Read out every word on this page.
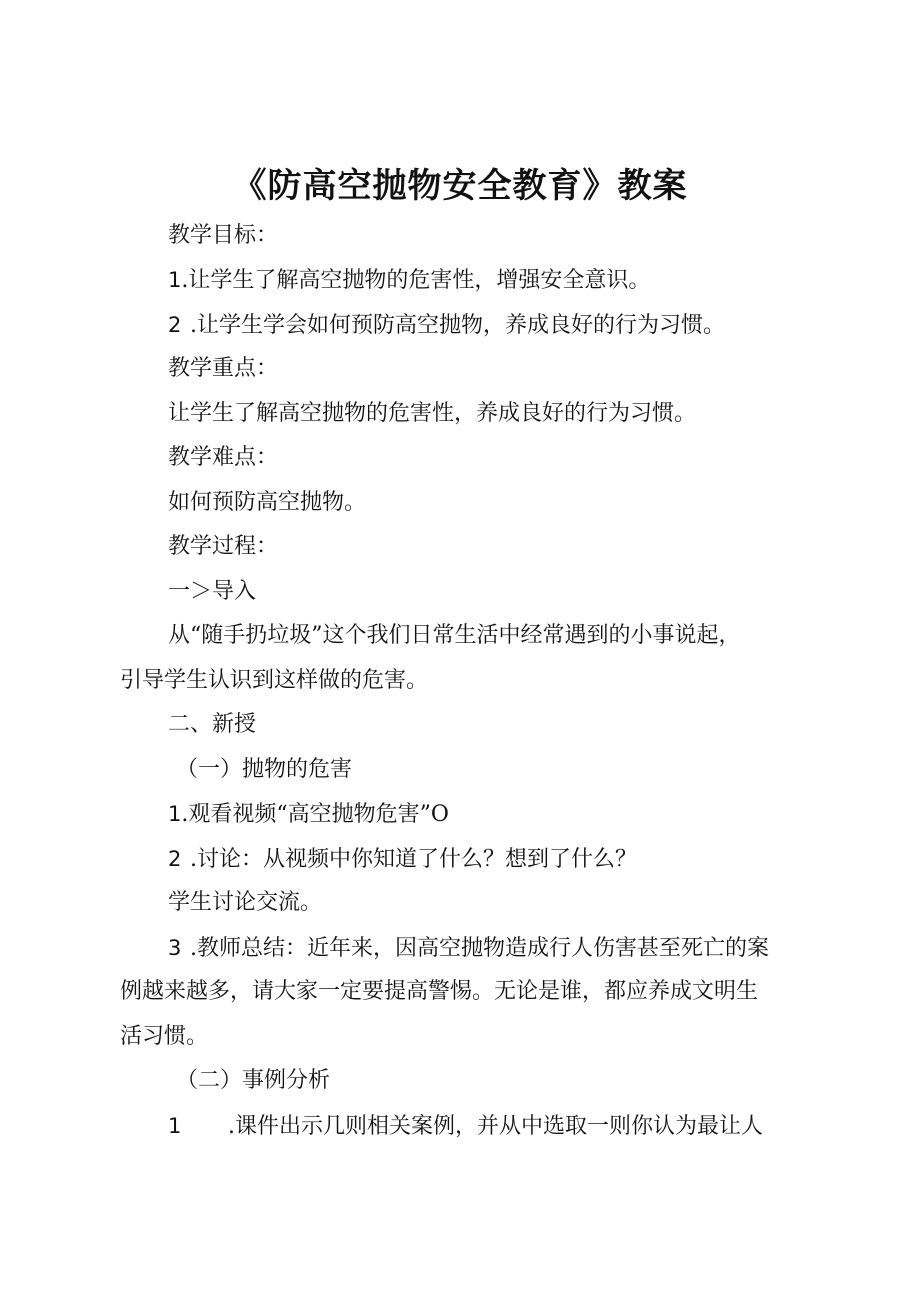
《防高空抛物安全教育》教案
教学目标：
1.让学生了解高空抛物的危害性，增强安全意识。
2 .让学生学会如何预防高空抛物，养成良好的行为习惯。
教学重点：
让学生了解高空抛物的危害性，养成良好的行为习惯。
教学难点：
如何预防高空抛物。
教学过程：
一＞导入
从“随手扔垃圾”这个我们日常生活中经常遇到的小事说起，
引导学生认识到这样做的危害。
二、新授
（一）抛物的危害
1.观看视频“高空抛物危害”O
2 .讨论：从视频中你知道了什么？想到了什么？
学生讨论交流。
3 .教师总结：近年来，因高空抛物造成行人伤害甚至死亡的案
例越来越多，请大家一定要提高警惕。无论是谁，都应养成文明生
活习惯。
（二）事例分析
1 .课件出示几则相关案例，并从中选取一则你认为最让人
